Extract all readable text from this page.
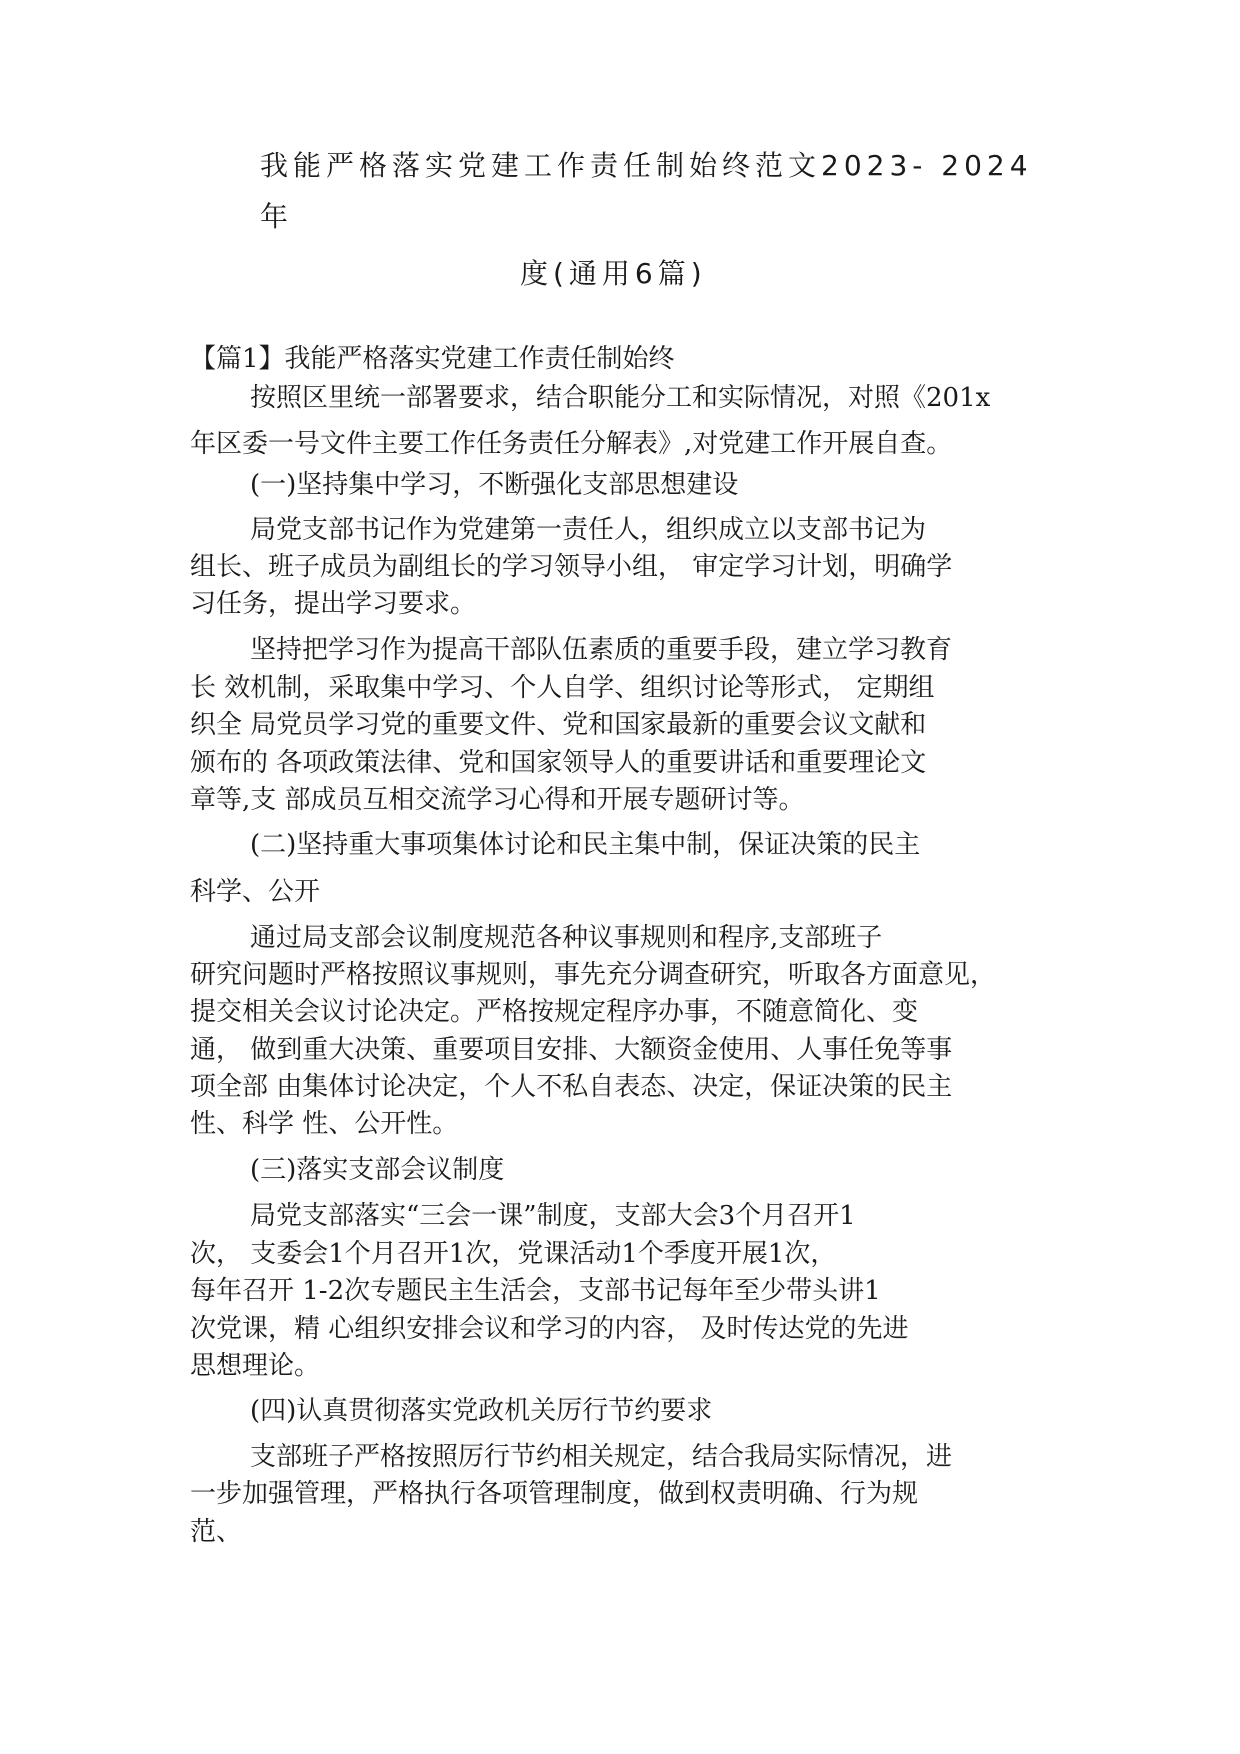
我能严格落实党建工作责任制始终范文2023- 2024
年
度(通用6篇)
【篇1】我能严格落实党建工作责任制始终
按照区里统一部署要求，结合职能分工和实际情况，对照《201x
年区委一号文件主要工作任务责任分解表》,对党建工作开展自查。
(一)坚持集中学习，不断强化支部思想建设
局党支部书记作为党建第一责任人，组织成立以支部书记为
组长、班子成员为副组长的学习领导小组， 审定学习计划，明确学
习任务，提出学习要求。
坚持把学习作为提高干部队伍素质的重要手段，建立学习教育
长 效机制，采取集中学习、个人自学、组织讨论等形式， 定期组
织全 局党员学习党的重要文件、党和国家最新的重要会议文献和
颁布的 各项政策法律、党和国家领导人的重要讲话和重要理论文
章等,支 部成员互相交流学习心得和开展专题研讨等。
(二)坚持重大事项集体讨论和民主集中制，保证决策的民主
科学、公开
通过局支部会议制度规范各种议事规则和程序,支部班子
研究问题时严格按照议事规则，事先充分调查研究，听取各方面意见，
提交相关会议讨论决定。严格按规定程序办事，不随意简化、变
通， 做到重大决策、重要项目安排、大额资金使用、人事任免等事
项全部 由集体讨论决定，个人不私自表态、决定，保证决策的民主
性、科学 性、公开性。
(三)落实支部会议制度
局党支部落实“三会一课”制度，支部大会3个月召开1
次， 支委会1个月召开1次，党课活动1个季度开展1次，
每年召开 1-2次专题民主生活会，支部书记每年至少带头讲1
次党课，精 心组织安排会议和学习的内容， 及时传达党的先进
思想理论。
(四)认真贯彻落实党政机关厉行节约要求
支部班子严格按照厉行节约相关规定，结合我局实际情况，进
一步加强管理，严格执行各项管理制度，做到权责明确、行为规
范、
